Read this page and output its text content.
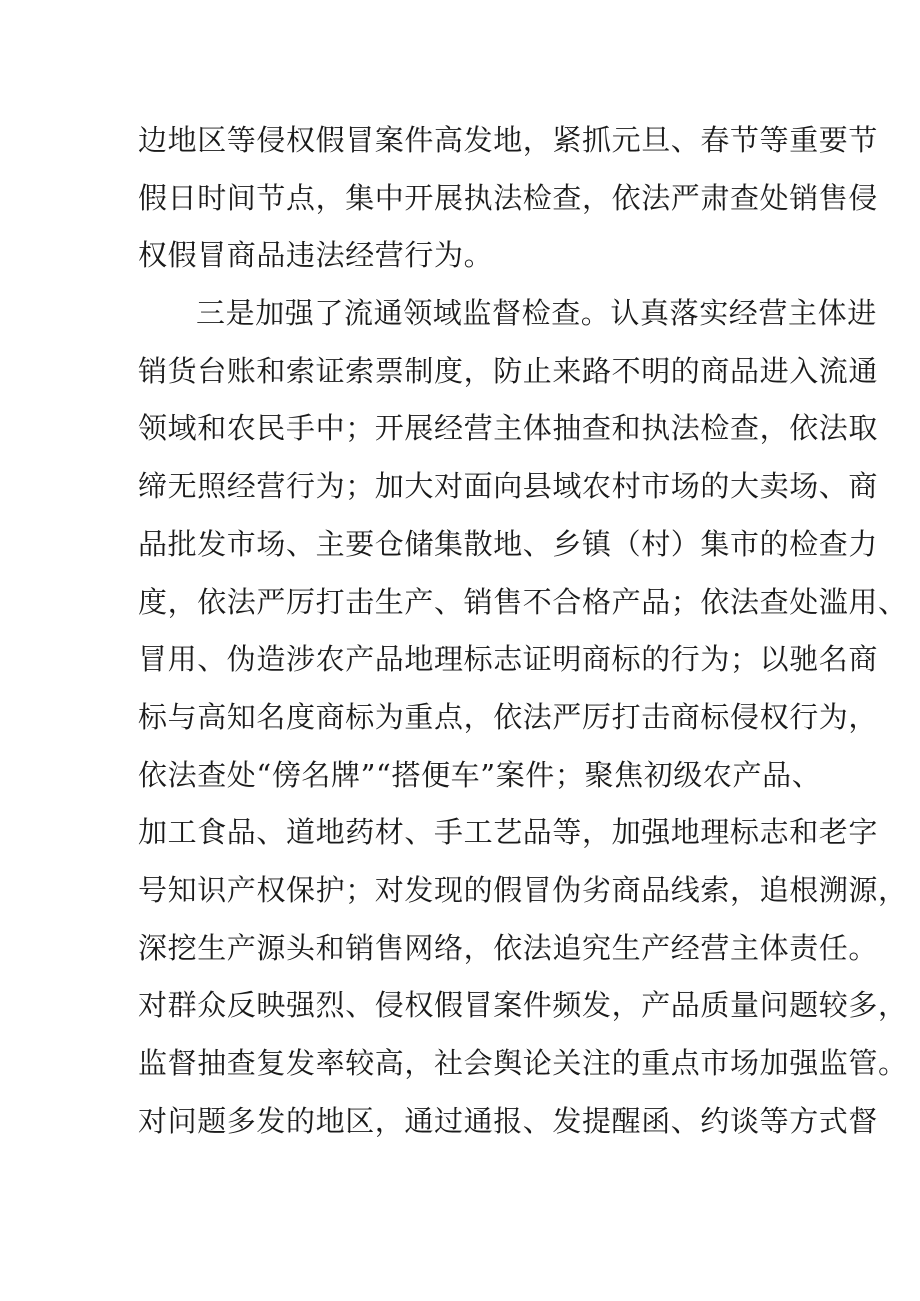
边地区等侵权假冒案件高发地，紧抓元旦、春节等重要节
假日时间节点，集中开展执法检查，依法严肃查处销售侵
权假冒商品违法经营行为。
三是加强了流通领域监督检查。认真落实经营主体进
销货台账和索证索票制度，防止来路不明的商品进入流通
领域和农民手中；开展经营主体抽查和执法检查，依法取
缔无照经营行为；加大对面向县域农村市场的大卖场、商
品批发市场、主要仓储集散地、乡镇（村）集市的检查力
度，依法严厉打击生产、销售不合格产品；依法查处滥用、
冒用、伪造涉农产品地理标志证明商标的行为；以驰名商
标与高知名度商标为重点，依法严厉打击商标侵权行为，
依法查处“傍名牌”“搭便车”案件；聚焦初级农产品、
加工食品、道地药材、手工艺品等，加强地理标志和老字
号知识产权保护；对发现的假冒伪劣商品线索，追根溯源，
深挖生产源头和销售网络，依法追究生产经营主体责任。
对群众反映强烈、侵权假冒案件频发，产品质量问题较多，
监督抽查复发率较高，社会舆论关注的重点市场加强监管。
对问题多发的地区，通过通报、发提醒函、约谈等方式督
